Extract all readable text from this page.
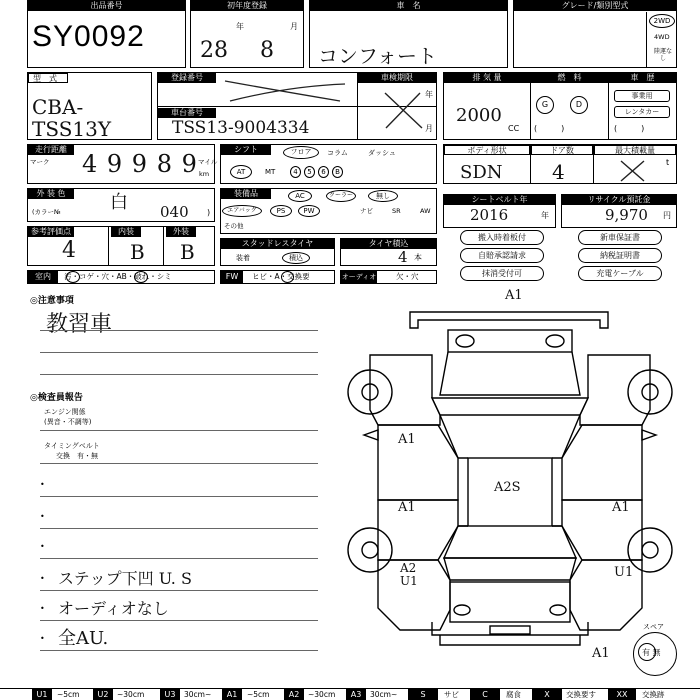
出品番号
SY0092
初年度登録
年	月
28 8
車　名
コンフォート
グレード/類別型式
2WD
4WD
陸運なし
型　式
CBA-TSS13Y
登録番号
車台番号
車検期限
TSS13-9004334
年
月
排 気 量	燃　料	車　歴
2000
CC
G	D
(　　　)
事業用
レンタカー
(　　　)
走行距離
マーク 4 9 9 8 9 マイル
km
シフト	フロア	コラム	ダッシュ
AT	MT	4	5	6	B
ボディ形状	ドア数	最大積載量
SDN 4	t
外 装 色	白
(カラー№	040 )
装備品	AC	クーラー	無し
エアバック	PS	PW	ナビ	SR	AW
その他
シートベルト年
2016	年
リサイクル預託金
9,970 円
参考評価点	内装	外装
4	B B	スタッドレスタイヤ
装着	積込
タイヤ積込
4 本
搬入時着板付	新車保証書
自賠承認請求	納税証明書
抹消受付可	充電ケーブル
室内	汚・コゲ・穴・AB・破れ・シミ	FW	ヒビ・A・交換要	オーディオ	欠・穴
◎注意事項
教習車
◎検査員報告
エンジン関係
(異音・不調等)
タイミングベルト
交換　有・無
•
•
•
• ステップ下凹 U. S
• オーディオなし
• 全AU.
A1
A2S
A1
A1
A2 U1
A1
U1
A1
スペア
有 無
U1	~5cm	U2	~30cm	U3	30cm~	A1	~5cm	A2	~30cm	A3	30cm~	S	サビ	C	腐食	X	交換要す	XX	交換跡
